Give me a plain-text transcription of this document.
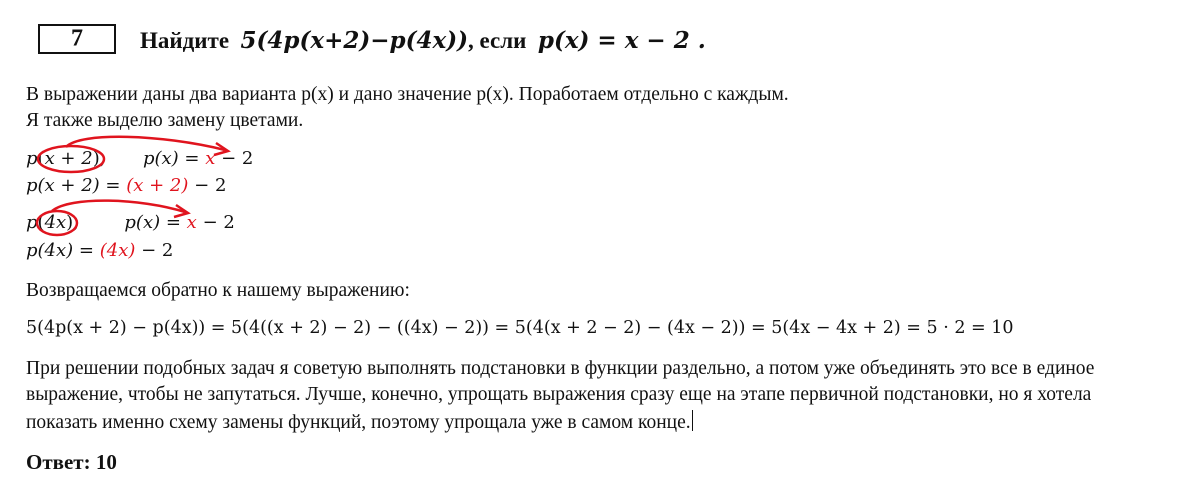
7 Найдите 5(4p(x+2)−p(4x)), если p(x) = x − 2 .
В выражении даны два варианта p(x) и дано значение p(x). Поработаем отдельно с каждым.
Я также выделю замену цветами.
p(x + 2), p(x) = x − 2
p(x + 2) = (x + 2) − 2
p(4x),	p(x) = x − 2
p(4x) = (4x) − 2
Возвращаемся обратно к нашему выражению:
5(4p(x + 2) − p(4x)) = 5(4((x + 2) − 2) − ((4x) − 2)) = 5(4(x + 2 − 2) − (4x − 2)) = 5(4x − 4x + 2) = 5 · 2 = 10
При решении подобных задач я советую выполнять подстановки в функции раздельно, а потом уже объединять это все в единое
выражение, чтобы не запутаться. Лучше, конечно, упрощать выражения сразу еще на этапе первичной подстановки, но я хотела
показать именно схему замены функций, поэтому упрощала уже в самом конце.
Ответ: 10
